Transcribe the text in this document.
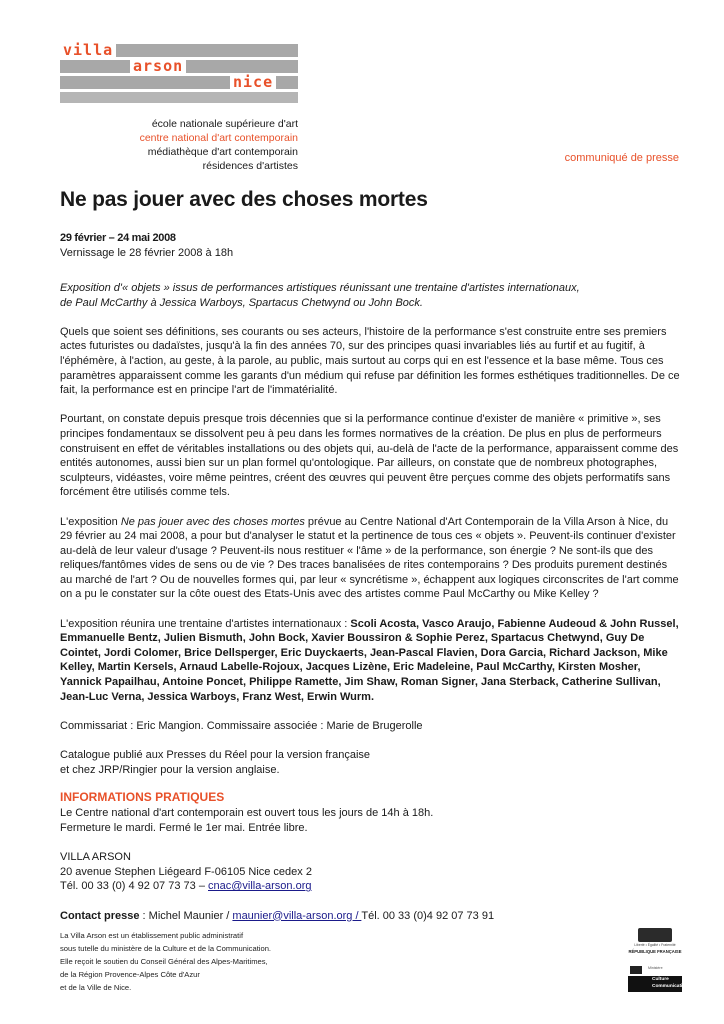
villa
arson
nice
école nationale supérieure d'art
centre national d'art contemporain
médiathèque d'art contemporain
résidences d'artistes
communiqué de presse
Ne pas jouer avec des choses mortes
29 février – 24 mai 2008
Vernissage le 28 février 2008 à 18h

Exposition d'« objets » issus de performances artistiques réunissant une trentaine d'artistes internationaux,
de Paul McCarthy à Jessica Warboys, Spartacus Chetwynd ou John Bock.

Quels que soient ses définitions, ses courants ou ses acteurs, l'histoire de la performance s'est construite entre ses premiers actes futuristes ou dadaïstes, jusqu'à la fin des années 70, sur des principes quasi invariables liés au furtif et au fugitif, à l'éphémère, à l'action, au geste, à la parole, au public, mais surtout au corps qui en est l'essence et la base même. Tous ces paramètres apparaissent comme les garants d'un médium qui refuse par définition les formes esthétiques traditionnelles. De ce fait, la performance est en principe l'art de l'immatérialité.

Pourtant, on constate depuis presque trois décennies que si la performance continue d'exister de manière « primitive », ses principes fondamentaux se dissolvent peu à peu dans les formes normatives de la création. De plus en plus de performeurs construisent en effet de véritables installations ou des objets qui, au-delà de l'acte de la performance, apparaissent comme des entités autonomes, aussi bien sur un plan formel qu'ontologique. Par ailleurs, on constate que de nombreux photographes, sculpteurs, vidéastes, voire même peintres, créent des œuvres qui peuvent être perçues comme des objets performatifs sans forcément être utilisés comme tels.

L'exposition Ne pas jouer avec des choses mortes prévue au Centre National d'Art Contemporain de la Villa Arson à Nice, du 29 février au 24 mai 2008, a pour but d'analyser le statut et la pertinence de tous ces « objets ». Peuvent-ils continuer d'exister au-delà de leur valeur d'usage ? Peuvent-ils nous restituer « l'âme » de la performance, son énergie ? Ne sont-ils que des reliques/fantômes vides de sens ou de vie ? Des traces banalisées de rites contemporains ? Des produits purement destinés au marché de l'art ? Ou de nouvelles formes qui, par leur « syncrétisme », échappent aux logiques circonscrites de l'art comme on a pu le constater sur la côte ouest des Etats-Unis avec des artistes comme Paul McCarthy ou Mike Kelley ?

L'exposition réunira une trentaine d'artistes internationaux : Scoli Acosta, Vasco Araujo, Fabienne Audeoud & John Russel, Emmanuelle Bentz, Julien Bismuth, John Bock, Xavier Boussiron & Sophie Perez, Spartacus Chetwynd, Guy De Cointet, Jordi Colomer, Brice Dellsperger, Eric Duyckaerts, Jean-Pascal Flavien, Dora Garcia, Richard Jackson, Mike Kelley, Martin Kersels, Arnaud Labelle-Rojoux, Jacques Lizène, Eric Madeleine, Paul McCarthy, Kirsten Mosher, Yannick Papailhau, Antoine Poncet, Philippe Ramette, Jim Shaw, Roman Signer, Jana Sterback, Catherine Sullivan, Jean-Luc Verna, Jessica Warboys, Franz West, Erwin Wurm.

Commissariat : Eric Mangion. Commissaire associée : Marie de Brugerolle

Catalogue publié aux Presses du Réel pour la version française
et chez JRP/Ringier pour la version anglaise.

INFORMATIONS PRATIQUES
Le Centre national d'art contemporain est ouvert tous les jours de 14h à 18h.
Fermeture le mardi. Fermé le 1er mai. Entrée libre.
VILLA ARSON
20 avenue Stephen Liégeard F-06105 Nice cedex 2
Tél. 00 33 (0) 4 92 07 73 73 – cnac@villa-arson.org
Contact presse : Michel Maunier / maunier@villa-arson.org / Tél. 00 33 (0)4 92 07 73 91
La Villa Arson est un établissement public administratif
sous tutelle du ministère de la Culture et de la Communication.
Elle reçoit le soutien du Conseil Général des Alpes-Maritimes,
de la Région Provence-Alpes Côte d'Azur
et de la Ville de Nice.
Liberté • Égalité • Fraternité
RÉPUBLIQUE FRANÇAISE
Ministère
Culture
Communication
